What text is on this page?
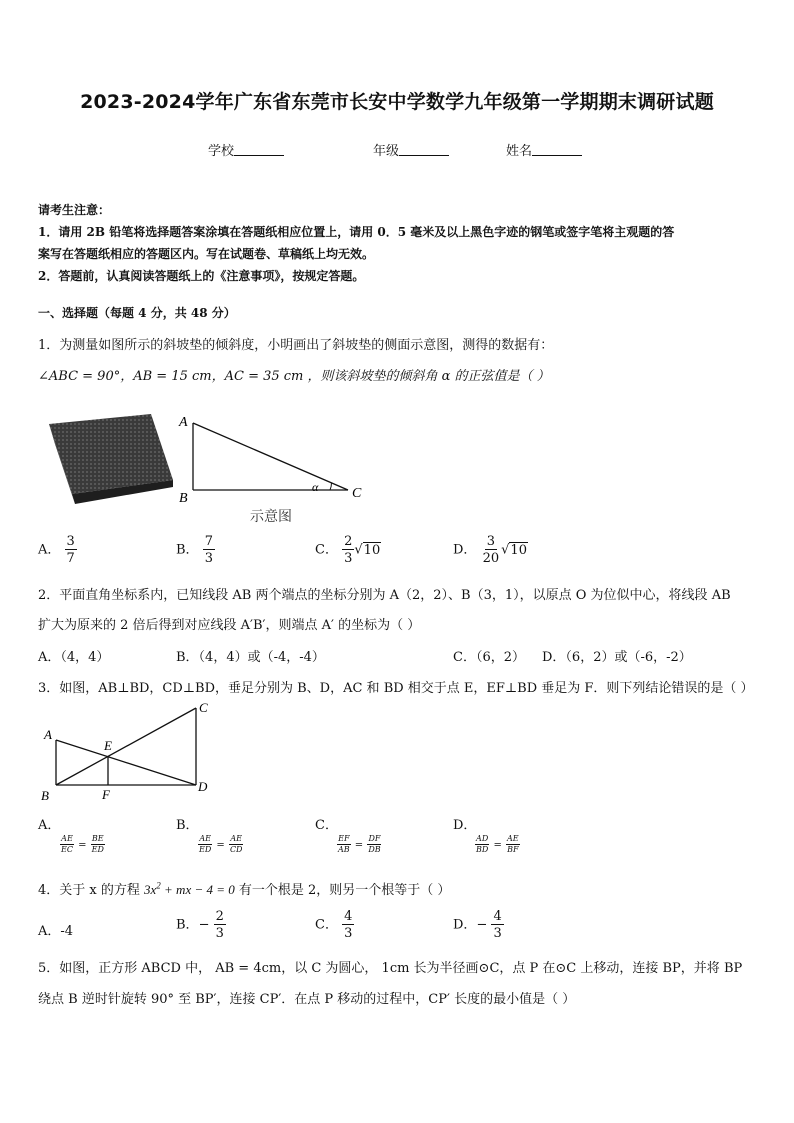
2023-2024学年广东省东莞市长安中学数学九年级第一学期期末调研试题
学校	年级	姓名
请考生注意：
1．请用 2B 铅笔将选择题答案涂填在答题纸相应位置上，请用 0．5 毫米及以上黑色字迹的钢笔或签字笔将主观题的答
案写在答题纸相应的答题区内。写在试题卷、草稿纸上均无效。
2．答题前，认真阅读答题纸上的《注意事项》，按规定答题。
一、选择题（每题 4 分，共 48 分）
1．为测量如图所示的斜坡垫的倾斜度，小明画出了斜坡垫的侧面示意图，测得的数据有：
∠ABC = 90°，AB = 15 cm，AC = 35 cm ，则该斜坡垫的倾斜角 α 的正弦值是（ ）
A
B	C
α
示意图
A． $\frac{3}{7}$	B． $\frac{7}{3}$	C． $\frac{2}{3} √10$	D． $\frac{3}{20} √10$
2．平面直角坐标系内，已知线段 AB 两个端点的坐标分别为 A（2，2）、B（3，1），以原点 O 为位似中心，将线段 AB
扩大为原来的 2 倍后得到对应线段 A′B′，则端点 A′ 的坐标为（ ）
A．（4，4）	B．（4，4）或（-4，-4）	C．（6，2） D．（6，2）或（-6，-2）
3．如图，AB⊥BD，CD⊥BD，垂足分别为 B、D，AC 和 BD 相交于点 E，EF⊥BD 垂足为 F．则下列结论错误的是（ ）
A
B
C
D
E
F
A．
$\frac{AE}{EC} = \frac{BE}{ED}$
B．
$\frac{AE}{ED} = \frac{AE}{CD}$
C．
$\frac{EF}{AB} = \frac{DF}{DB}$
D．
$\frac{AD}{BD} = \frac{AE}{BF}$
4．关于 x 的方程 $3x^2$ + mx − 4 = 0 有一个根是 2，则另一个根等于（ ）
A．-4	B．− $\frac{2}{3}$	C． $\frac{4}{3}$	D．− $\frac{4}{3}$
5．如图，正方形 ABCD 中， AB = 4cm，以 C 为圆心， 1cm 长为半径画⊙C，点 P 在⊙C 上移动，连接 BP，并将 BP
绕点 B 逆时针旋转 90° 至 BP′，连接 CP′．在点 P 移动的过程中，CP′ 长度的最小值是（ ）
